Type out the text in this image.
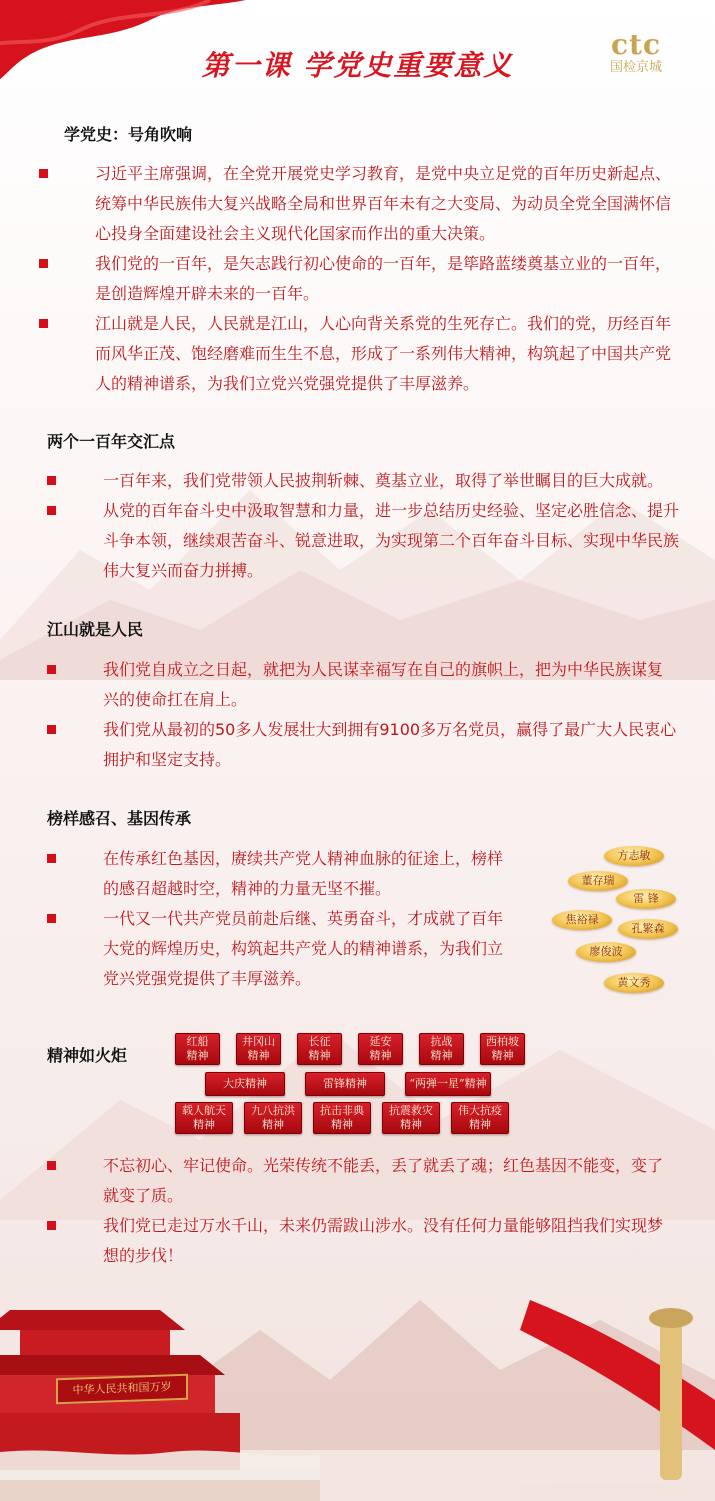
第一课 学党史重要意义
ctc
国检京城
学党史：号角吹响
习近平主席强调，在全党开展党史学习教育，是党中央立足党的百年历史新起点、统筹中华民族伟大复兴战略全局和世界百年未有之大变局、为动员全党全国满怀信心投身全面建设社会主义现代化国家而作出的重大决策。
我们党的一百年，是矢志践行初心使命的一百年，是筚路蓝缕奠基立业的一百年，是创造辉煌开辟未来的一百年。
江山就是人民，人民就是江山，人心向背关系党的生死存亡。我们的党，历经百年而风华正茂、饱经磨难而生生不息，形成了一系列伟大精神，构筑起了中国共产党人的精神谱系，为我们立党兴党强党提供了丰厚滋养。
两个一百年交汇点
一百年来，我们党带领人民披荆斩棘、奠基立业，取得了举世瞩目的巨大成就。
从党的百年奋斗史中汲取智慧和力量，进一步总结历史经验、坚定必胜信念、提升斗争本领，继续艰苦奋斗、锐意进取，为实现第二个百年奋斗目标、实现中华民族伟大复兴而奋力拼搏。
江山就是人民
我们党自成立之日起，就把为人民谋幸福写在自己的旗帜上，把为中华民族谋复兴的使命扛在肩上。
我们党从最初的50多人发展壮大到拥有9100多万名党员，赢得了最广大人民衷心拥护和坚定支持。
榜样感召、基因传承
在传承红色基因，赓续共产党人精神血脉的征途上，榜样的感召超越时空，精神的力量无坚不摧。
一代又一代共产党员前赴后继、英勇奋斗，才成就了百年大党的辉煌历史，构筑起共产党人的精神谱系，为我们立党兴党强党提供了丰厚滋养。
方志敏
董存瑞
雷 锋
焦裕禄
孔繁森
廖俊波
黄文秀
精神如火炬
红船
精神
井冈山
精神
长征
精神
延安
精神
抗战
精神
西柏坡
精神
大庆精神	雷锋精神	“两弹一星”精神
载人航天
精神
九八抗洪
精神
抗击非典
精神
抗震救灾
精神
伟大抗疫
精神
不忘初心、牢记使命。光荣传统不能丢，丢了就丢了魂；红色基因不能变，变了就变了质。
我们党已走过万水千山，未来仍需跋山涉水。没有任何力量能够阻挡我们实现梦想的步伐！
中华人民共和国万岁
